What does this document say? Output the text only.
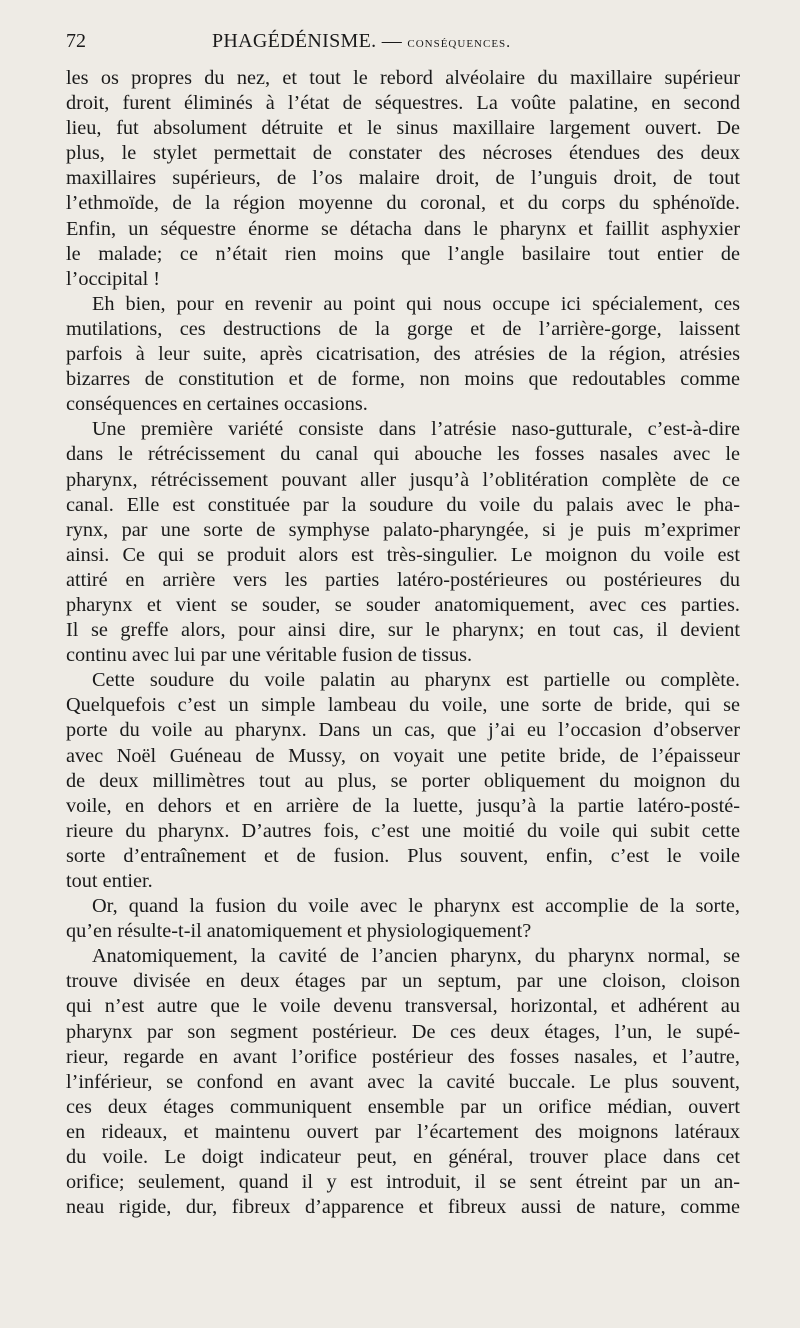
72	PHAGÉDÉNISME. — conséquences.
les os propres du nez, et tout le rebord alvéolaire du maxillaire supérieur
droit, furent éliminés à l’état de séquestres. La voûte palatine, en second
lieu, fut absolument détruite et le sinus maxillaire largement ouvert. De
plus, le stylet permettait de constater des nécroses étendues des deux
maxillaires supérieurs, de l’os malaire droit, de l’unguis droit, de tout
l’ethmoïde, de la région moyenne du coronal, et du corps du sphénoïde.
Enfin, un séquestre énorme se détacha dans le pharynx et faillit asphyxier
le malade; ce n’était rien moins que l’angle basilaire tout entier de
l’occipital !
Eh bien, pour en revenir au point qui nous occupe ici spécialement, ces
mutilations, ces destructions de la gorge et de l’arrière-gorge, laissent
parfois à leur suite, après cicatrisation, des atrésies de la région, atrésies
bizarres de constitution et de forme, non moins que redoutables comme
conséquences en certaines occasions.
Une première variété consiste dans l’atrésie naso-gutturale, c’est-à-dire
dans le rétrécissement du canal qui abouche les fosses nasales avec le
pharynx, rétrécissement pouvant aller jusqu’à l’oblitération complète de ce
canal. Elle est constituée par la soudure du voile du palais avec le pha-
rynx, par une sorte de symphyse palato-pharyngée, si je puis m’exprimer
ainsi. Ce qui se produit alors est très-singulier. Le moignon du voile est
attiré en arrière vers les parties latéro-postérieures ou postérieures du
pharynx et vient se souder, se souder anatomiquement, avec ces parties.
Il se greffe alors, pour ainsi dire, sur le pharynx; en tout cas, il devient
continu avec lui par une véritable fusion de tissus.
Cette soudure du voile palatin au pharynx est partielle ou complète.
Quelquefois c’est un simple lambeau du voile, une sorte de bride, qui se
porte du voile au pharynx. Dans un cas, que j’ai eu l’occasion d’observer
avec Noël Guéneau de Mussy, on voyait une petite bride, de l’épaisseur
de deux millimètres tout au plus, se porter obliquement du moignon du
voile, en dehors et en arrière de la luette, jusqu’à la partie latéro-posté-
rieure du pharynx. D’autres fois, c’est une moitié du voile qui subit cette
sorte d’entraînement et de fusion. Plus souvent, enfin, c’est le voile
tout entier.
Or, quand la fusion du voile avec le pharynx est accomplie de la sorte,
qu’en résulte-t-il anatomiquement et physiologiquement?
Anatomiquement, la cavité de l’ancien pharynx, du pharynx normal, se
trouve divisée en deux étages par un septum, par une cloison, cloison
qui n’est autre que le voile devenu transversal, horizontal, et adhérent au
pharynx par son segment postérieur. De ces deux étages, l’un, le supé-
rieur, regarde en avant l’orifice postérieur des fosses nasales, et l’autre,
l’inférieur, se confond en avant avec la cavité buccale. Le plus souvent,
ces deux étages communiquent ensemble par un orifice médian, ouvert
en rideaux, et maintenu ouvert par l’écartement des moignons latéraux
du voile. Le doigt indicateur peut, en général, trouver place dans cet
orifice; seulement, quand il y est introduit, il se sent étreint par un an-
neau rigide, dur, fibreux d’apparence et fibreux aussi de nature, comme
